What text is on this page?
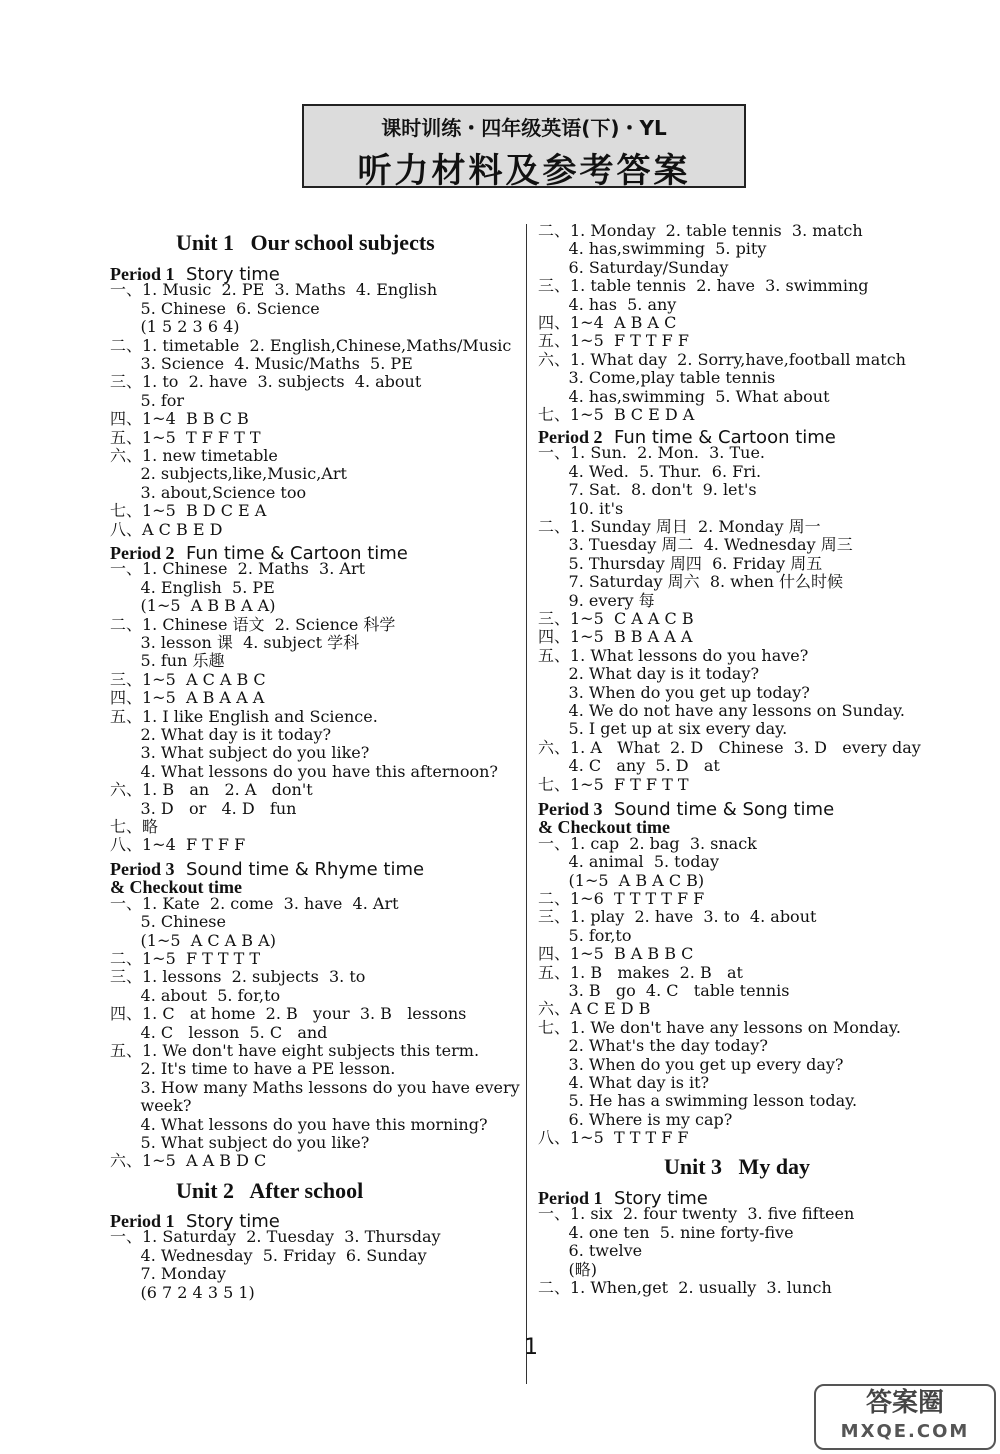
课时训练・四年级英语(下)・YL
听力材料及参考答案
Unit 1   Our school subjects
Period 1  Story time
一、1. Music  2. PE  3. Maths  4. English
5. Chinese  6. Science
(1 5 2 3 6 4)
二、1. timetable  2. English,Chinese,Maths/Music
3. Science  4. Music/Maths  5. PE
三、1. to  2. have  3. subjects  4. about
5. for
四、1~4  B B C B
五、1~5  T F F T T
六、1. new timetable
2. subjects,like,Music,Art
3. about,Science too
七、1~5  B D C E A
八、A C B E D
Period 2  Fun time & Cartoon time
一、1. Chinese  2. Maths  3. Art
4. English  5. PE
(1~5  A B B A A)
二、1. Chinese 语文  2. Science 科学
3. lesson 课  4. subject 学科
5. fun 乐趣
三、1~5  A C A B C
四、1~5  A B A A A
五、1. I like English and Science.
2. What day is it today?
3. What subject do you like?
4. What lessons do you have this afternoon?
六、1. B   an   2. A   don't
3. D   or   4. D   fun
七、略
八、1~4  F T F F
Period 3  Sound time & Rhyme time
& Checkout time
一、1. Kate  2. come  3. have  4. Art
5. Chinese
(1~5  A C A B A)
二、1~5  F T T T T
三、1. lessons  2. subjects  3. to
4. about  5. for,to
四、1. C   at home  2. B   your  3. B   lessons
4. C   lesson  5. C   and
五、1. We don't have eight subjects this term.
2. It's time to have a PE lesson.
3. How many Maths lessons do you have every
week?
4. What lessons do you have this morning?
5. What subject do you like?
六、1~5  A A B D C
Unit 2   After school
Period 1  Story time
一、1. Saturday  2. Tuesday  3. Thursday
4. Wednesday  5. Friday  6. Sunday
7. Monday
(6 7 2 4 3 5 1)
二、1. Monday  2. table tennis  3. match
4. has,swimming  5. pity
6. Saturday/Sunday
三、1. table tennis  2. have  3. swimming
4. has  5. any
四、1~4  A B A C
五、1~5  F T T F F
六、1. What day  2. Sorry,have,football match
3. Come,play table tennis
4. has,swimming  5. What about
七、1~5  B C E D A
Period 2  Fun time & Cartoon time
一、1. Sun.  2. Mon.  3. Tue.
4. Wed.  5. Thur.  6. Fri.
7. Sat.  8. don't  9. let's
10. it's
二、1. Sunday 周日  2. Monday 周一
3. Tuesday 周二  4. Wednesday 周三
5. Thursday 周四  6. Friday 周五
7. Saturday 周六  8. when 什么时候
9. every 每
三、1~5  C A A C B
四、1~5  B B A A A
五、1. What lessons do you have?
2. What day is it today?
3. When do you get up today?
4. We do not have any lessons on Sunday.
5. I get up at six every day.
六、1. A   What  2. D   Chinese  3. D   every day
4. C   any  5. D   at
七、1~5  F T F T T
Period 3  Sound time & Song time
& Checkout time
一、1. cap  2. bag  3. snack
4. animal  5. today
(1~5  A B A C B)
二、1~6  T T T T F F
三、1. play  2. have  3. to  4. about
5. for,to
四、1~5  B A B B C
五、1. B   makes  2. B   at
3. B   go  4. C   table tennis
六、A C E D B
七、1. We don't have any lessons on Monday.
2. What's the day today?
3. When do you get up every day?
4. What day is it?
5. He has a swimming lesson today.
6. Where is my cap?
八、1~5  T T T F F
Unit 3   My day
Period 1  Story time
一、1. six  2. four twenty  3. five fifteen
4. one ten  5. nine forty-five
6. twelve
(略)
二、1. When,get  2. usually  3. lunch
1
答案圈
MXQE.COM
